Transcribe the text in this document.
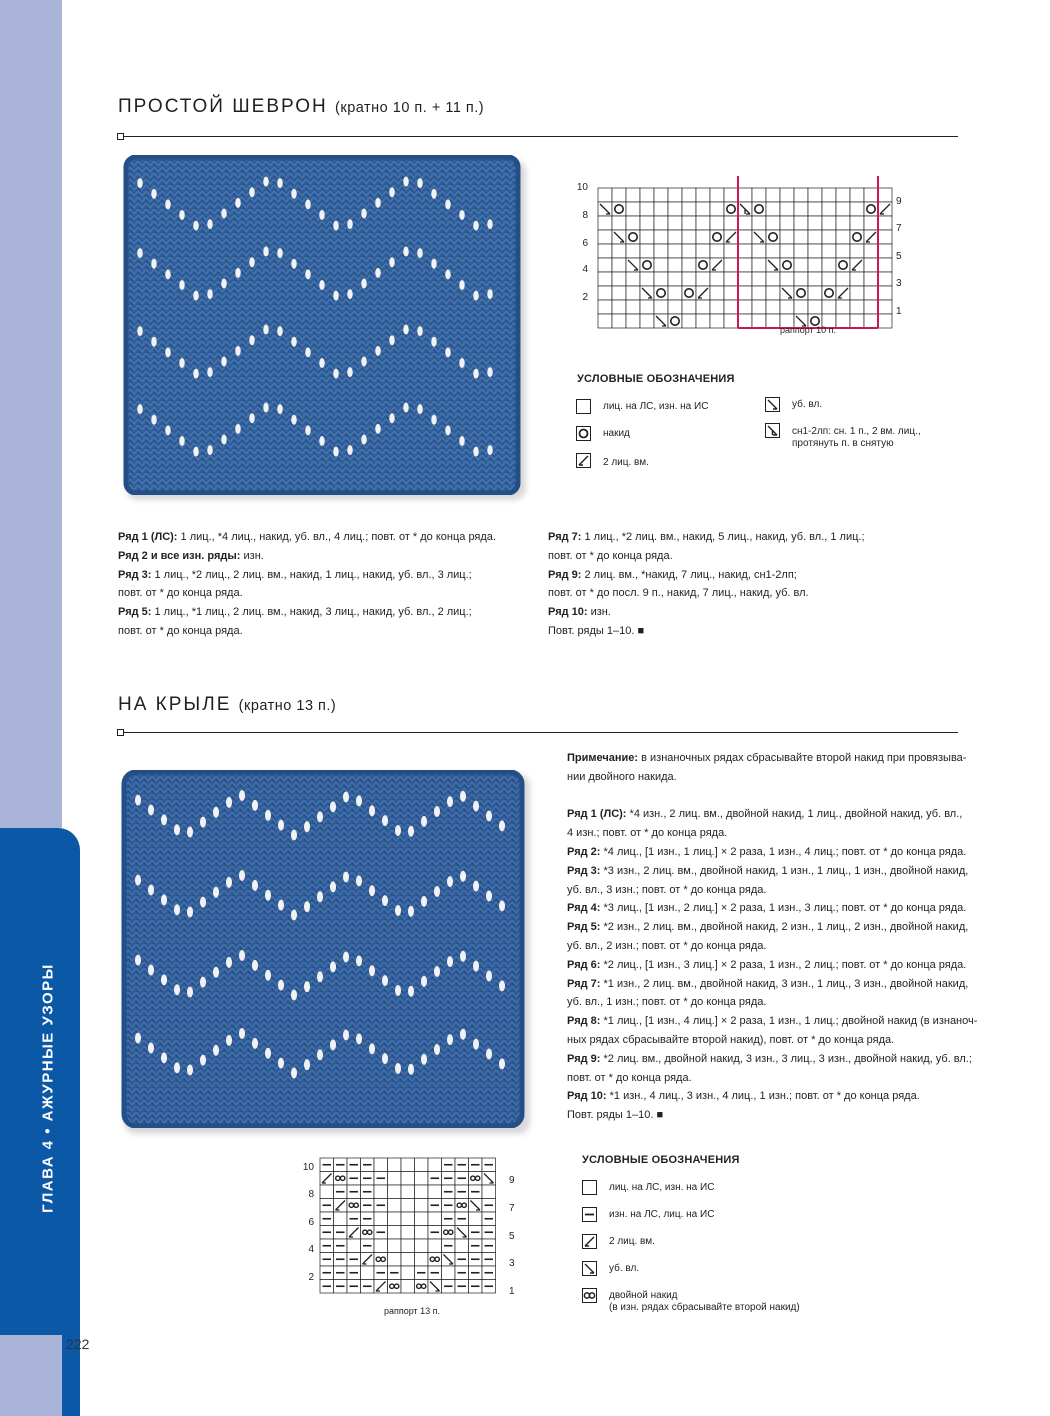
ГЛАВА 4 • АЖУРНЫЕ УЗОРЫ
222
ПРОСТОЙ ШЕВРОН (кратно 10 п. + 11 п.)
10
8
6
4
2
9
7
5
3
1
раппорт 10 п.
УСЛОВНЫЕ ОБОЗНАЧЕНИЯ
лиц. на ЛС, изн. на ИС
накид
2 лиц. вм.
уб. вл.
сн1-2лп: сн. 1 п., 2 вм. лиц.,
протянуть п. в снятую
Ряд 1 (ЛС): 1 лиц., *4 лиц., накид, уб. вл., 4 лиц.; повт. от * до конца ряда.
Ряд 2 и все изн. ряды: изн.
Ряд 3: 1 лиц., *2 лиц., 2 лиц. вм., накид, 1 лиц., накид, уб. вл., 3 лиц.;
повт. от * до конца ряда.
Ряд 5: 1 лиц., *1 лиц., 2 лиц. вм., накид, 3 лиц., накид, уб. вл., 2 лиц.;
повт. от * до конца ряда.
Ряд 7: 1 лиц., *2 лиц. вм., накид, 5 лиц., накид, уб. вл., 1 лиц.;
повт. от * до конца ряда.
Ряд 9: 2 лиц. вм., *накид, 7 лиц., накид, сн1-2лп;
повт. от * до посл. 9 п., накид, 7 лиц., накид, уб. вл.
Ряд 10: изн.
Повт. ряды 1–10. ■
НА КРЫЛЕ (кратно 13 п.)
Примечание: в изнаночных рядах сбрасывайте второй накид при провязыва-
нии двойного накида.

Ряд 1 (ЛС): *4 изн., 2 лиц. вм., двойной накид, 1 лиц., двойной накид, уб. вл.,
4 изн.; повт. от * до конца ряда.
Ряд 2: *4 лиц., [1 изн., 1 лиц.] × 2 раза, 1 изн., 4 лиц.; повт. от * до конца ряда.
Ряд 3: *3 изн., 2 лиц. вм., двойной накид, 1 изн., 1 лиц., 1 изн., двойной накид,
уб. вл., 3 изн.; повт. от * до конца ряда.
Ряд 4: *3 лиц., [1 изн., 2 лиц.] × 2 раза, 1 изн., 3 лиц.; повт. от * до конца ряда.
Ряд 5: *2 изн., 2 лиц. вм., двойной накид, 2 изн., 1 лиц., 2 изн., двойной накид,
уб. вл., 2 изн.; повт. от * до конца ряда.
Ряд 6: *2 лиц., [1 изн., 3 лиц.] × 2 раза, 1 изн., 2 лиц.; повт. от * до конца ряда.
Ряд 7: *1 изн., 2 лиц. вм., двойной накид, 3 изн., 1 лиц., 3 изн., двойной накид,
уб. вл., 1 изн.; повт. от * до конца ряда.
Ряд 8: *1 лиц., [1 изн., 4 лиц.] × 2 раза, 1 изн., 1 лиц.; двойной накид (в изнаноч-
ных рядах сбрасывайте второй накид), повт. от * до конца ряда.
Ряд 9: *2 лиц. вм., двойной накид, 3 изн., 3 лиц., 3 изн., двойной накид, уб. вл.;
повт. от * до конца ряда.
Ряд 10: *1 изн., 4 лиц., 3 изн., 4 лиц., 1 изн.; повт. от * до конца ряда.
Повт. ряды 1–10. ■
10
8
6
4
2
9
7
5
3
1
раппорт 13 п.
УСЛОВНЫЕ ОБОЗНАЧЕНИЯ
лиц. на ЛС, изн. на ИС
изн. на ЛС, лиц. на ИС
2 лиц. вм.
уб. вл.
двойной накид
(в изн. рядах сбрасывайте второй накид)
